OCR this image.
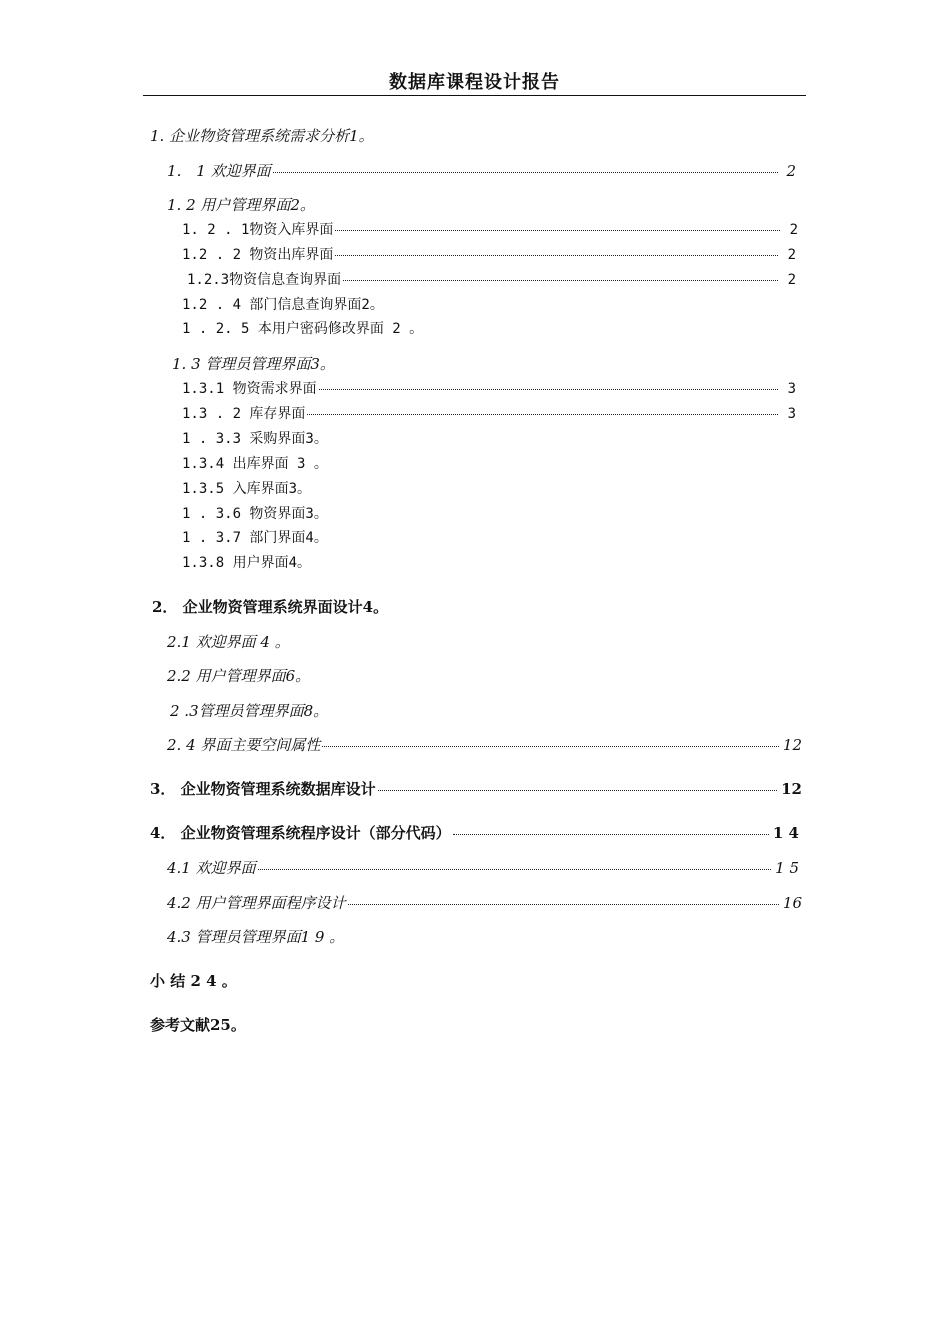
数据库课程设计报告
1. 企业物资管理系统需求分析1。
1． 1 欢迎界面	2
1. 2 用户管理界面2。
1. 2 . 1物资入库界面	2
1.2 . 2 物资出库界面	2
1.2.3物资信息查询界面	2
1.2 . 4 部门信息查询界面2。
1 . 2. 5 本用户密码修改界面 2 。
1. 3 管理员管理界面3。
1.3.1 物资需求界面	3
1.3 . 2 库存界面	3
1 . 3.3 采购界面3。
1.3.4 出库界面 3 。
1.3.5 入库界面3。
1 . 3.6 物资界面3。
1 . 3.7 部门界面4。
1.3.8 用户界面4。
2． 企业物资管理系统界面设计4。
2.1 欢迎界面 4 。
2.2 用户管理界面6。
2 .3管理员管理界面8。
2. 4 界面主要空间属性	12
3． 企业物资管理系统数据库设计	12
4． 企业物资管理系统程序设计（部分代码）	1 4
4.1 欢迎界面	1 5
4.2 用户管理界面程序设计	16
4.3 管理员管理界面1 9 。
小 结 2 4 。
参考文献25。
